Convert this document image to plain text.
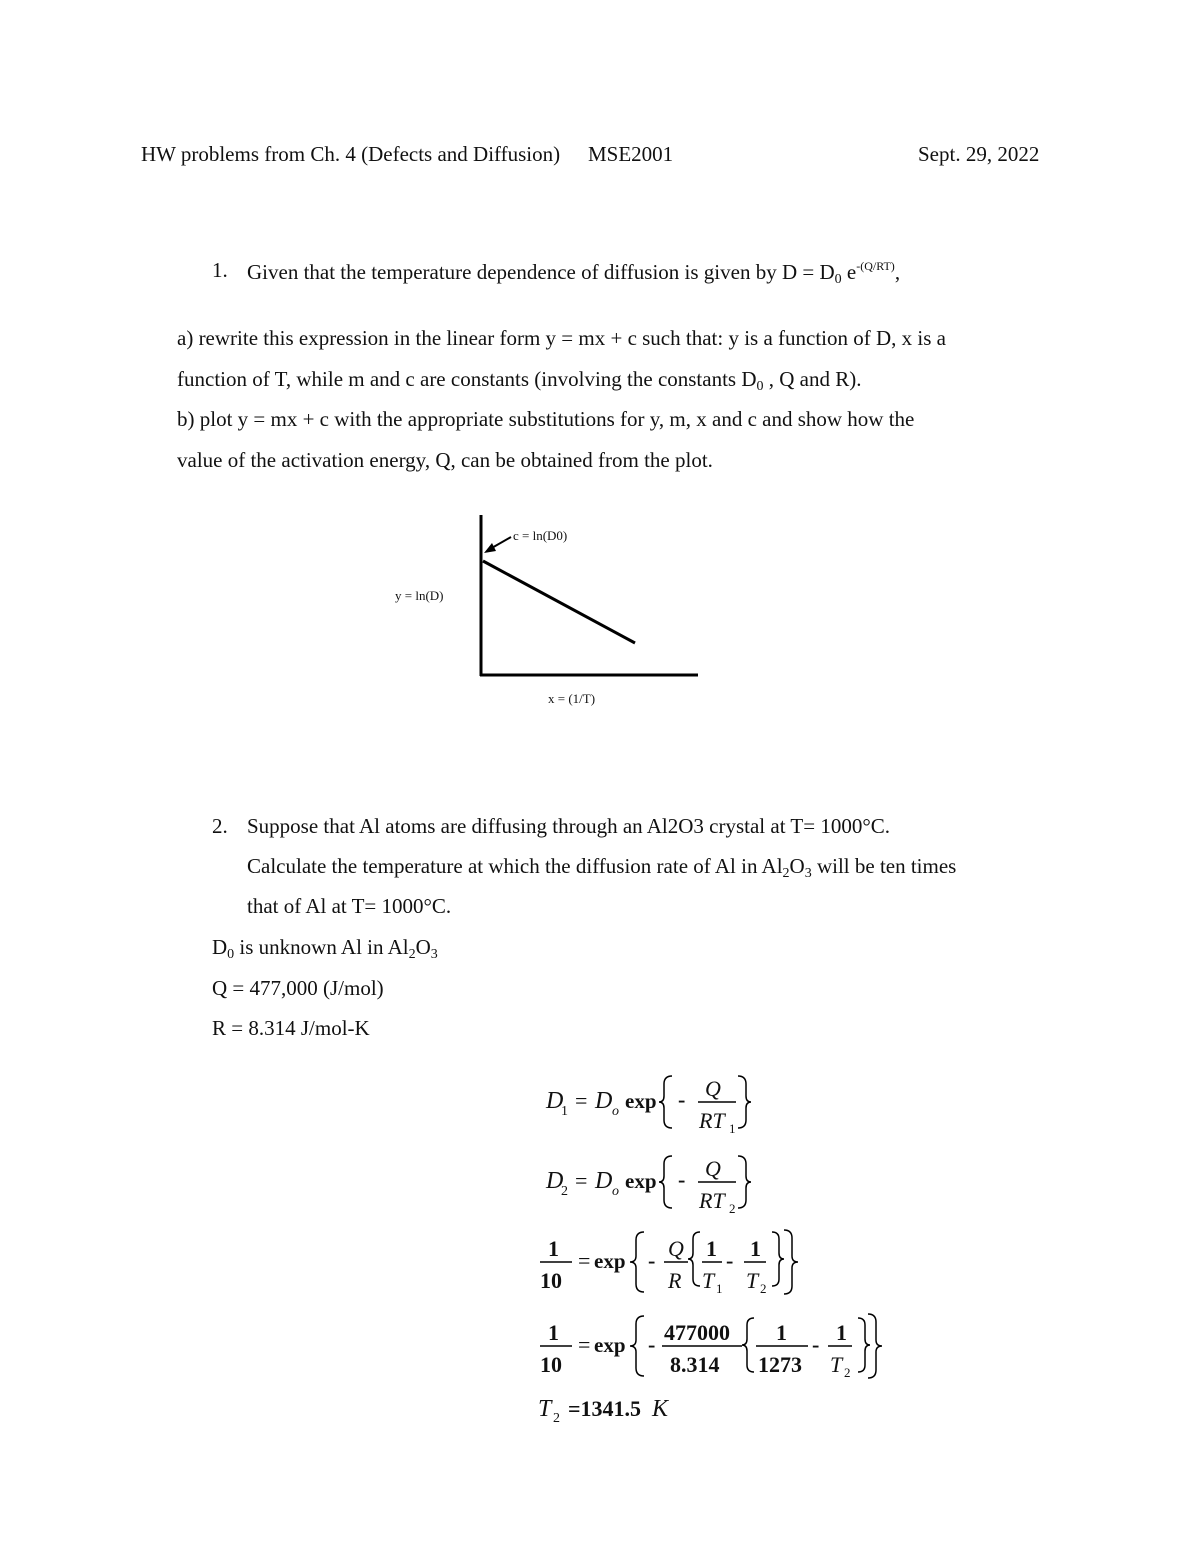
HW problems from Ch. 4 (Defects and Diffusion) MSE2001	Sept. 29, 2022
1. Given that the temperature dependence of diffusion is given by $D = D_0$ $e^{-(Q/RT)}$,
a) rewrite this expression in the linear form y = mx + c such that: y is a function of D, x is a
function of T, while m and c are constants (involving the constants $D_0$ , Q and R).
b) plot y = mx + c with the appropriate substitutions for y, m, x and c and show how the
value of the activation energy, Q, can be obtained from the plot.
c = ln(D0)
y = ln(D)
x = (1/T)
2. Suppose that Al atoms are diffusing through an Al2O3 crystal at T= 1000°C.
Calculate the temperature at which the diffusion rate of Al in $Al_2O_3$ will be ten times
that of Al at T= 1000°C.
$D_0$ is unknown Al in $Al_2O_3$
Q = 477,000 (J/mol)
R = 8.314 J/mol-K
D
1 = D o exp - Q
RT 1
D
2 = D o exp - Q
RT 2
1
10
= exp - Q
R
1
T 1
- 1
T 2
1
10
= exp - 477000
8.314
1
1273
- 1
T 2
T 2 =1341.5 K
